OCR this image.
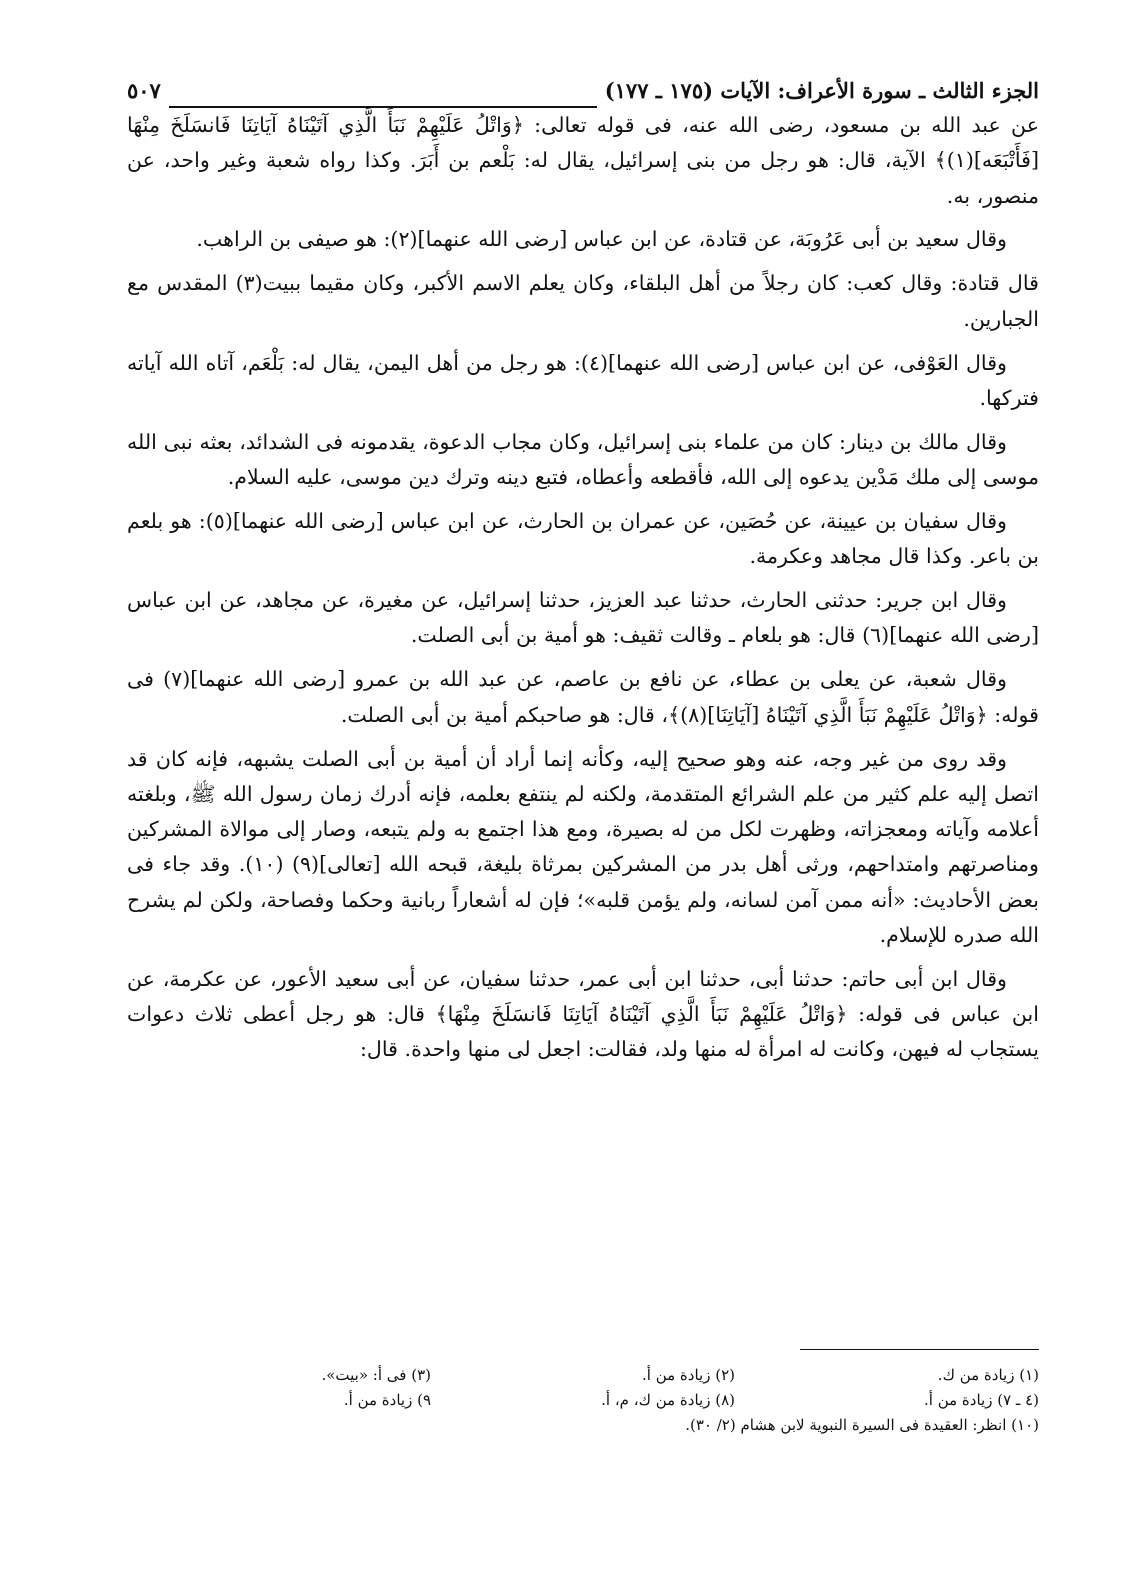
الجزء الثالث ـ سورة الأعراف: الآيات (١٧٥ ـ ١٧٧)
٥٠٧

عن عبد الله بن مسعود، رضى الله عنه، فى قوله تعالى: ﴿وَاتْلُ عَلَيْهِمْ نَبَأَ الَّذِي آتَيْنَاهُ آيَاتِنَا فَانسَلَخَ مِنْهَا [فَأَتْبَعَه](١)﴾ الآية، قال: هو رجل من بنى إسرائيل، يقال له: بَلْعم بن أَبَرَ. وكذا رواه شعبة وغير واحد، عن منصور، به.

وقال سعيد بن أبى عَرُوبَة، عن قتادة، عن ابن عباس [رضى الله عنهما](٢): هو صيفى بن الراهب.

قال قتادة: وقال كعب: كان رجلاً من أهل البلقاء، وكان يعلم الاسم الأكبر، وكان مقيما ببيت(٣) المقدس مع الجبارين.

وقال العَوْفى، عن ابن عباس [رضى الله عنهما](٤): هو رجل من أهل اليمن، يقال له: بَلْعَم، آتاه الله آياته فتركها.

وقال مالك بن دينار: كان من علماء بنى إسرائيل، وكان مجاب الدعوة، يقدمونه فى الشدائد، بعثه نبى الله موسى إلى ملك مَدْين يدعوه إلى الله، فأقطعه وأعطاه، فتبع دينه وترك دين موسى، عليه السلام.

وقال سفيان بن عيينة، عن حُصَين، عن عمران بن الحارث، عن ابن عباس [رضى الله عنهما](٥): هو بلعم بن باعر. وكذا قال مجاهد وعكرمة.

وقال ابن جرير: حدثنى الحارث، حدثنا عبد العزيز، حدثنا إسرائيل، عن مغيرة، عن مجاهد، عن ابن عباس [رضى الله عنهما](٦) قال: هو بلعام ـ وقالت ثقيف: هو أمية بن أبى الصلت.

وقال شعبة، عن يعلى بن عطاء، عن نافع بن عاصم، عن عبد الله بن عمرو [رضى الله عنهما](٧) فى قوله: ﴿وَاتْلُ عَلَيْهِمْ نَبَأَ الَّذِي آتَيْنَاهُ [آيَاتِنَا](٨)﴾، قال: هو صاحبكم أمية بن أبى الصلت.

وقد روى من غير وجه، عنه وهو صحيح إليه، وكأنه إنما أراد أن أمية بن أبى الصلت يشبهه، فإنه كان قد اتصل إليه علم كثير من علم الشرائع المتقدمة، ولكنه لم ينتفع بعلمه، فإنه أدرك زمان رسول الله ﷺ، وبلغته أعلامه وآياته ومعجزاته، وظهرت لكل من له بصيرة، ومع هذا اجتمع به ولم يتبعه، وصار إلى موالاة المشركين ومناصرتهم وامتداحهم، ورثى أهل بدر من المشركين بمرثاة بليغة، قبحه الله [تعالى](٩) (١٠). وقد جاء فى بعض الأحاديث: «أنه ممن آمن لسانه، ولم يؤمن قلبه»؛ فإن له أشعاراً ربانية وحكما وفصاحة، ولكن لم يشرح الله صدره للإسلام.

وقال ابن أبى حاتم: حدثنا أبى، حدثنا ابن أبى عمر، حدثنا سفيان، عن أبى سعيد الأعور، عن عكرمة، عن ابن عباس فى قوله: ﴿وَاتْلُ عَلَيْهِمْ نَبَأَ الَّذِي آتَيْنَاهُ آيَاتِنَا فَانسَلَخَ مِنْهَا﴾ قال: هو رجل أعطى ثلاث دعوات يستجاب له فيهن، وكانت له امرأة له منها ولد، فقالت: اجعل لى منها واحدة. قال:

(١) زيادة من ك.
(٢) زيادة من أ.
(٣) فى أ: «بيت».
(٤ ـ ٧) زيادة من أ.
(٨) زيادة من ك، م، أ.
٩) زيادة من أ.
(١٠) انظر: العقيدة فى السيرة النبوية لابن هشام (٢/ ٣٠).
